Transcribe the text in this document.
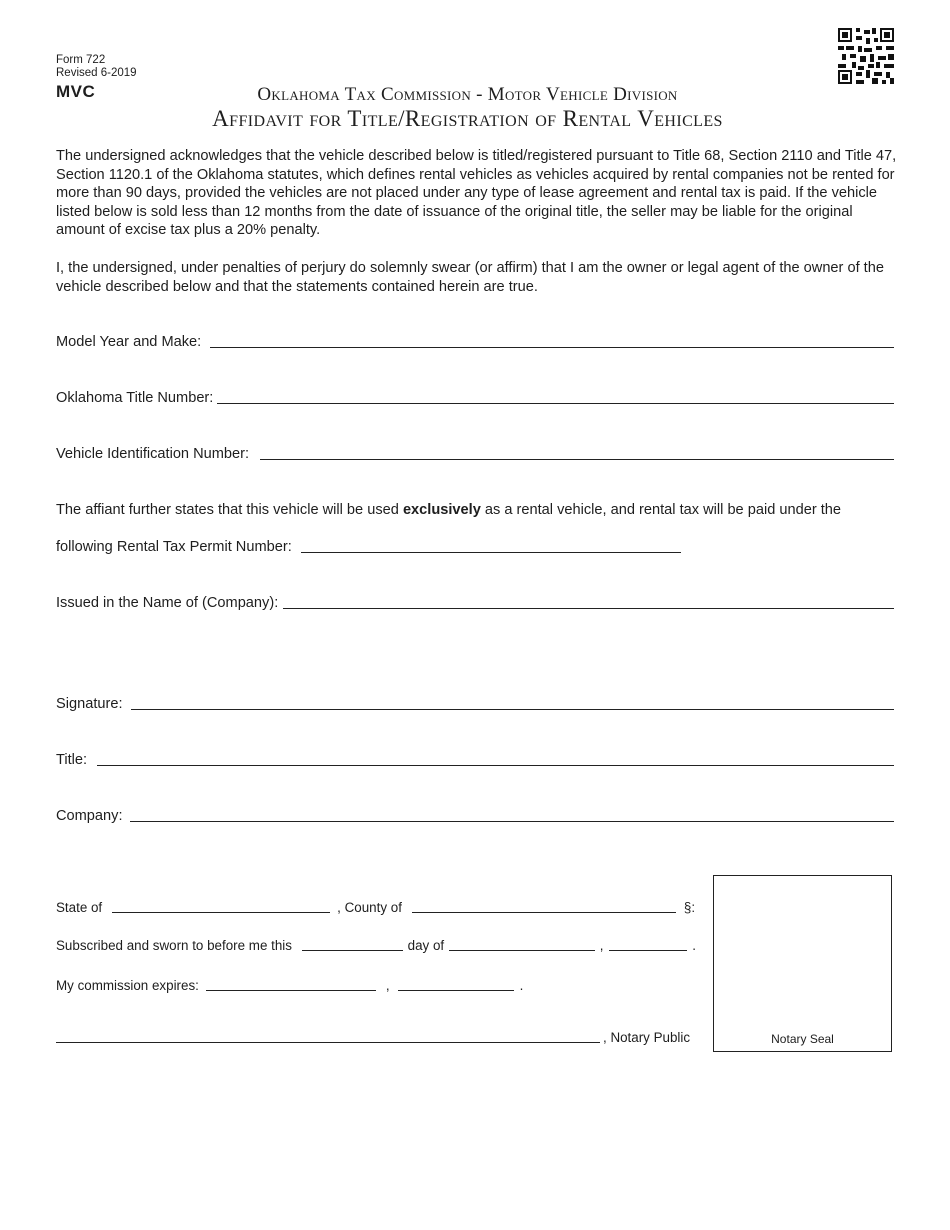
Form 722
Revised 6-2019
MVC	Oklahoma Tax Commission - Motor Vehicle Division
Affidavit for Title/Registration of Rental Vehicles
The undersigned acknowledges that the vehicle described below is titled/registered pursuant to Title 68, Section 2110 and Title 47, Section 1120.1 of the Oklahoma statutes, which defines rental vehicles as vehicles acquired by rental companies not be rented for more than 90 days, provided the vehicles are not placed under any type of lease agreement and rental tax is paid. If the vehicle listed below is sold less than 12 months from the date of issuance of the original title, the seller may be liable for the original amount of excise tax plus a 20% penalty.
I, the undersigned, under penalties of perjury do solemnly swear (or affirm) that I am the owner or legal agent of the owner of the vehicle described below and that the statements contained herein are true.
Model Year and Make:
Oklahoma Title Number:
Vehicle Identification Number:
The affiant further states that this vehicle will be used exclusively as a rental vehicle, and rental tax will be paid under the
following Rental Tax Permit Number:
Issued in the Name of (Company):
Signature:
Title:
Company:
State of	, County of	§:
Subscribed and sworn to before me this	day of	,	.
My commission expires:	,	.
, Notary Public	Notary Seal
